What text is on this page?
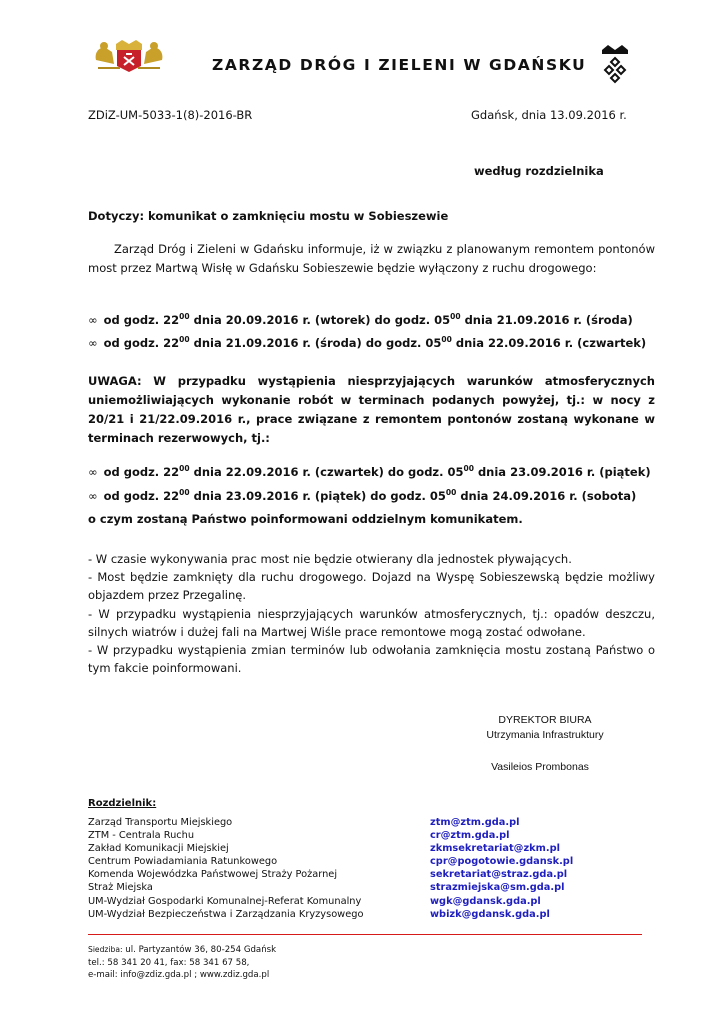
ZARZĄD DRÓG I ZIELENI W GDAŃSKU
ZDiZ-UM-5033-1(8)-2016-BR	Gdańsk, dnia 13.09.2016 r.
według rozdzielnika
Dotyczy: komunikat o zamknięciu mostu w Sobieszewie
Zarząd Dróg i Zieleni w Gdańsku informuje, iż w związku z planowanym remontem pontonów most przez Martwą Wisłę w Gdańsku Sobieszewie będzie wyłączony z ruchu drogowego:
∞ od godz. $22^{00}$ dnia 20.09.2016 r. (wtorek) do godz. $05^{00}$ dnia 21.09.2016 r. (środa)
∞ od godz. $22^{00}$ dnia 21.09.2016 r. (środa) do godz. $05^{00}$ dnia 22.09.2016 r. (czwartek)
UWAGA: W przypadku wystąpienia niesprzyjających warunków atmosferycznych uniemożliwiających wykonanie robót w terminach podanych powyżej, tj.: w nocy z 20/21 i 21/22.09.2016 r., prace związane z remontem pontonów zostaną wykonane w terminach rezerwowych, tj.:
∞ od godz. $22^{00}$ dnia 22.09.2016 r. (czwartek) do godz. $05^{00}$ dnia 23.09.2016 r. (piątek)
∞ od godz. $22^{00}$ dnia 23.09.2016 r. (piątek) do godz. $05^{00}$ dnia 24.09.2016 r. (sobota)
o czym zostaną Państwo poinformowani oddzielnym komunikatem.

- W czasie wykonywania prac most nie będzie otwierany dla jednostek pływających.

- Most będzie zamknięty dla ruchu drogowego. Dojazd na Wyspę Sobieszewską będzie możliwy objazdem przez Przegalinę.

- W przypadku wystąpienia niesprzyjających warunków atmosferycznych, tj.: opadów deszczu, silnych wiatrów i dużej fali na Martwej Wiśle prace remontowe mogą zostać odwołane.

- W przypadku wystąpienia zmian terminów lub odwołania zamknięcia mostu zostaną Państwo o tym fakcie poinformowani.

DYREKTOR BIURA
Utrzymania Infrastruktury
Vasileios Prombonas
Rozdzielnik:
Zarząd Transportu Miejskiego
ZTM - Centrala Ruchu
Zakład Komunikacji Miejskiej
Centrum Powiadamiania Ratunkowego
Komenda Wojewódzka Państwowej Straży Pożarnej
Straż Miejska
UM-Wydział Gospodarki Komunalnej-Referat Komunalny
UM-Wydział Bezpieczeństwa i Zarządzania Kryzysowego
ztm@ztm.gda.pl
cr@ztm.gda.pl
zkmsekretariat@zkm.pl
cpr@pogotowie.gdansk.pl
sekretariat@straz.gda.pl
strazmiejska@sm.gda.pl
wgk@gdansk.gda.pl
wbizk@gdansk.gda.pl
Siedziba: ul. Partyzantów 36, 80-254 Gdańsk
tel.: 58 341 20 41, fax: 58 341 67 58,
e-mail: info@zdiz.gda.pl ; www.zdiz.gda.pl
